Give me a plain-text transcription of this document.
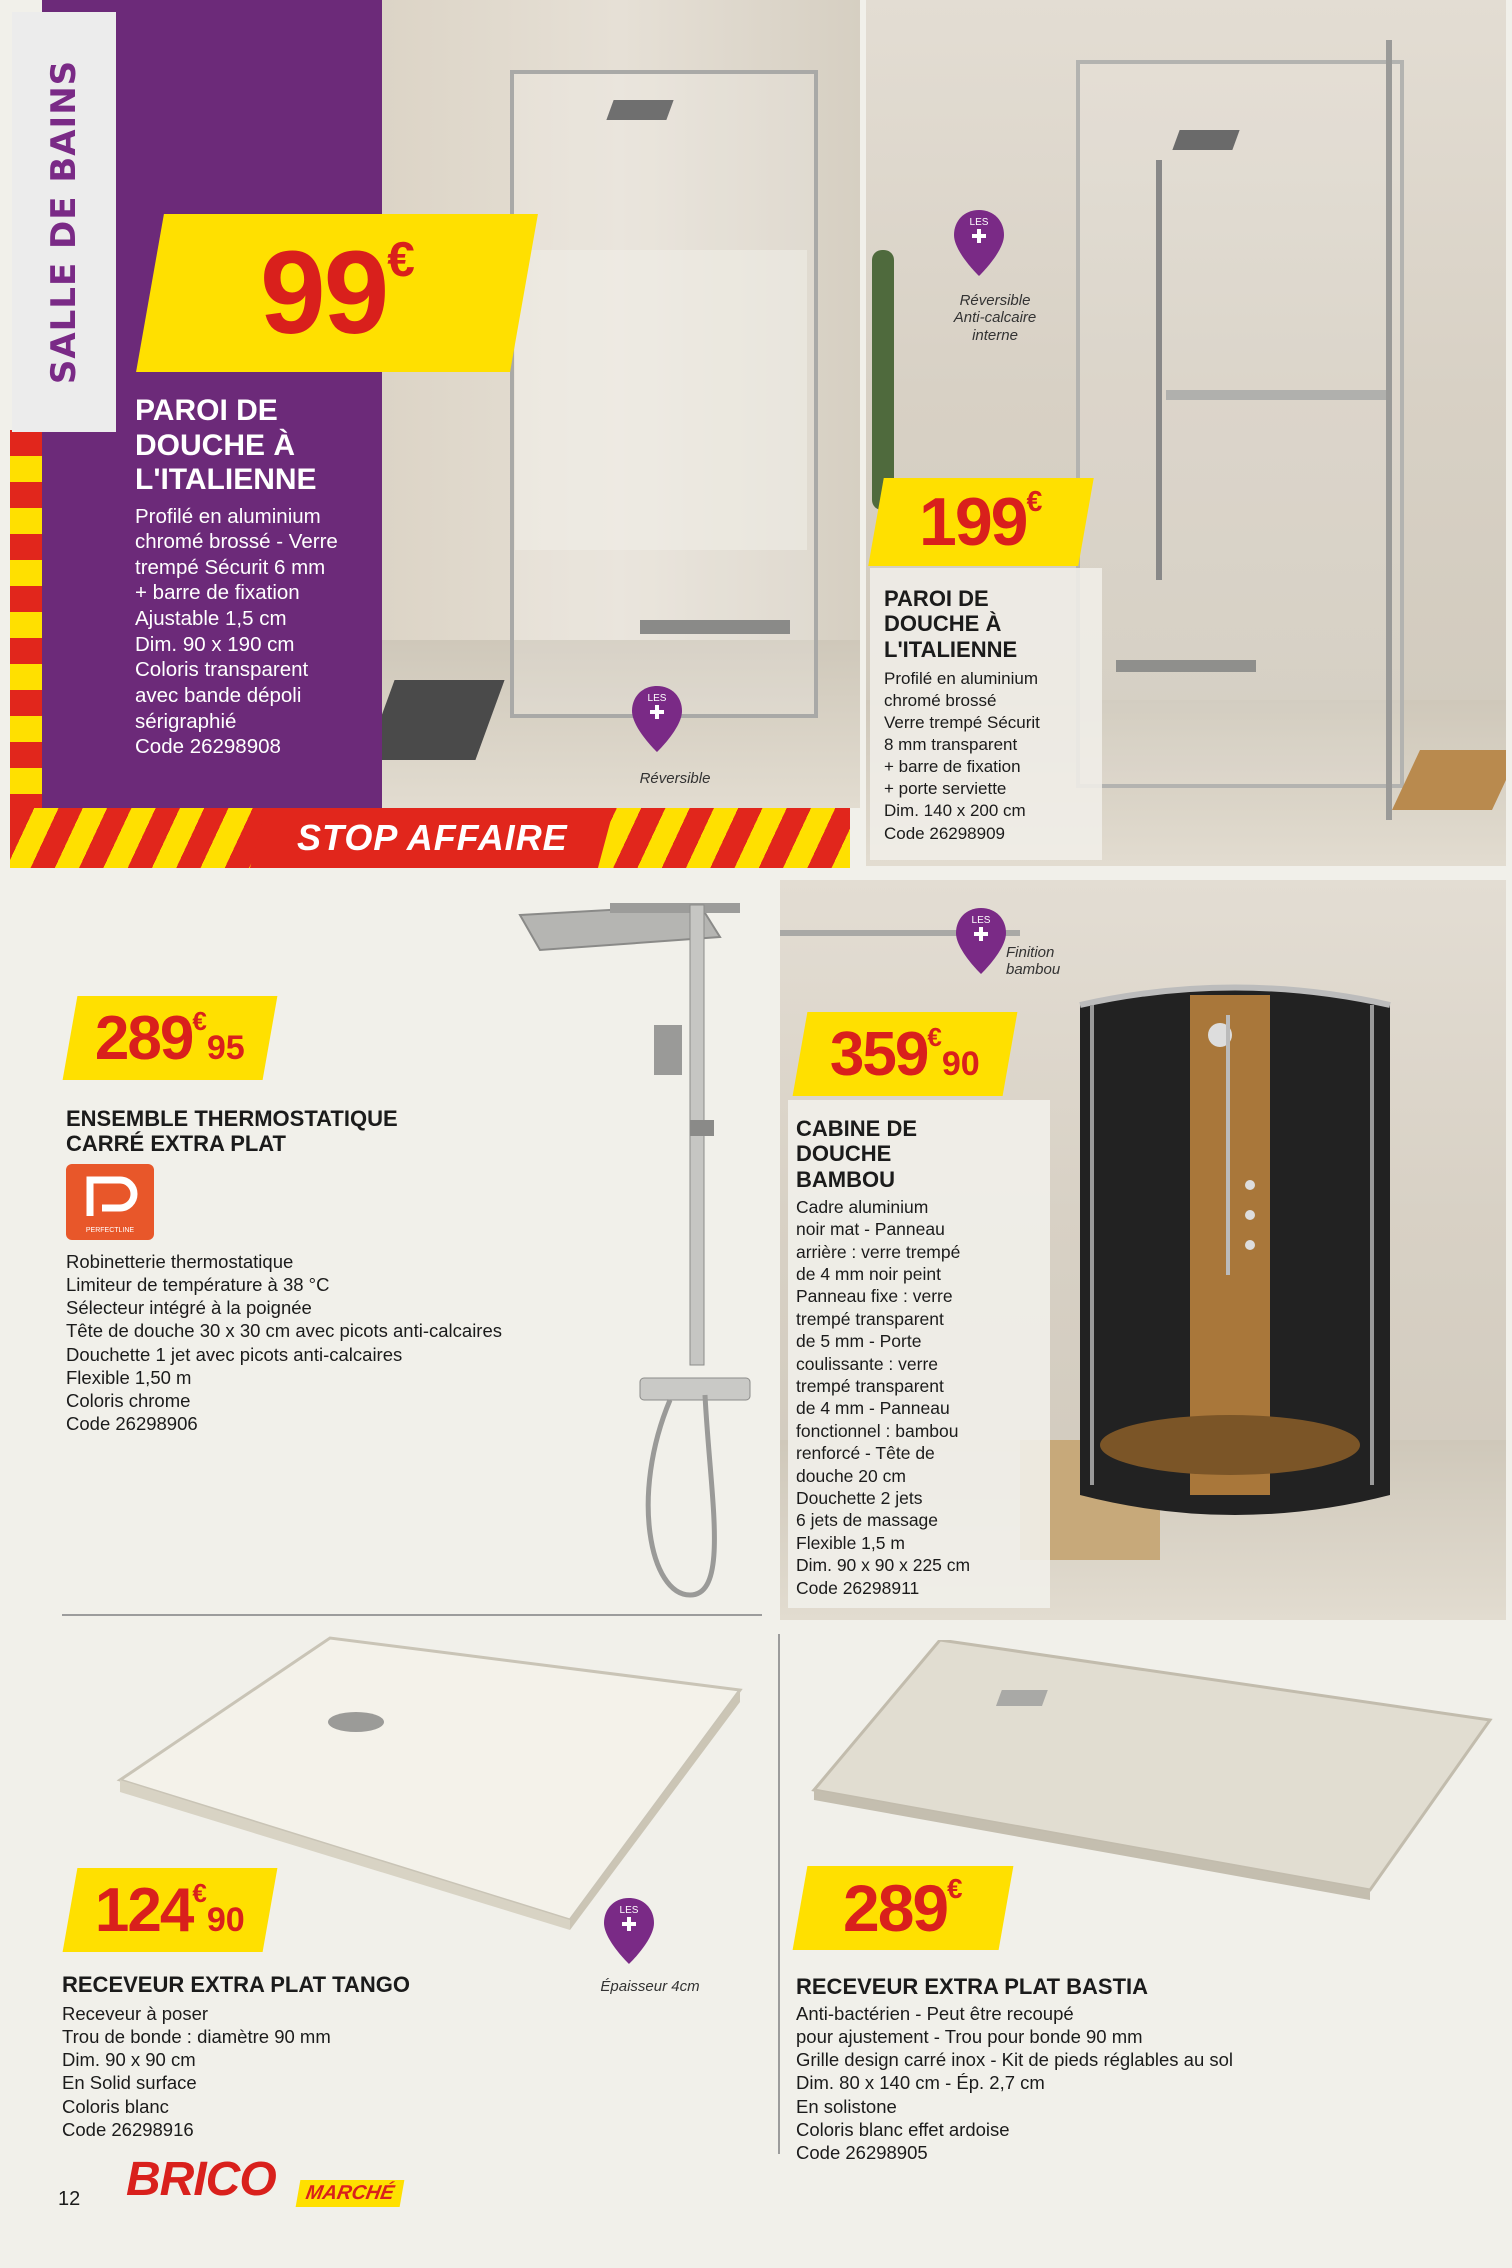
SALLE DE BAINS 99€
PAROI DE
DOUCHE À
L'ITALIENNE
Profilé en aluminium
chromé brossé - Verre
trempé Sécurit 6 mm
+ barre de fixation
Ajustable 1,5 cm
Dim. 90 x 190 cm
Coloris transparent
avec bande dépoli
sérigraphié
Code 26298908
LES
Réversible
STOP AFFAIRE
LES
Réversible
Anti-calcaire
interne
199€
PAROI DE
DOUCHE À
L'ITALIENNE
Profilé en aluminium
chromé brossé
Verre trempé Sécurit
8 mm transparent
+ barre de fixation
+ porte serviette
Dim. 140 x 200 cm
Code 26298909
289€95
ENSEMBLE THERMOSTATIQUE
CARRÉ EXTRA PLAT
PERFECTLINE
Robinetterie thermostatique
Limiteur de température à 38 °C
Sélecteur intégré à la poignée
Tête de douche 30 x 30 cm avec picots anti-calcaires
Douchette 1 jet avec picots anti-calcaires
Flexible 1,50 m
Coloris chrome
Code 26298906
LES
Finition
bambou
359€90
CABINE DE
DOUCHE
BAMBOU
Cadre aluminium
noir mat - Panneau
arrière : verre trempé
de 4 mm noir peint
Panneau fixe : verre
trempé transparent
de 5 mm - Porte
coulissante : verre
trempé transparent
de 4 mm - Panneau
fonctionnel : bambou
renforcé - Tête de
douche 20 cm
Douchette 2 jets
6 jets de massage
Flexible 1,5 m
Dim. 90 x 90 x 225 cm
Code 26298911
124€90	LES
Épaisseur 4cm
RECEVEUR EXTRA PLAT TANGO
Receveur à poser
Trou de bonde : diamètre 90 mm
Dim. 90 x 90 cm
En Solid surface
Coloris blanc
Code 26298916
289€
RECEVEUR EXTRA PLAT BASTIA
Anti-bactérien - Peut être recoupé
pour ajustement - Trou pour bonde 90 mm
Grille design carré inox - Kit de pieds réglables au sol
Dim. 80 x 140 cm - Ép. 2,7 cm
En solistone
Coloris blanc effet ardoise
Code 26298905
12 BRICO	MARCHÉ
